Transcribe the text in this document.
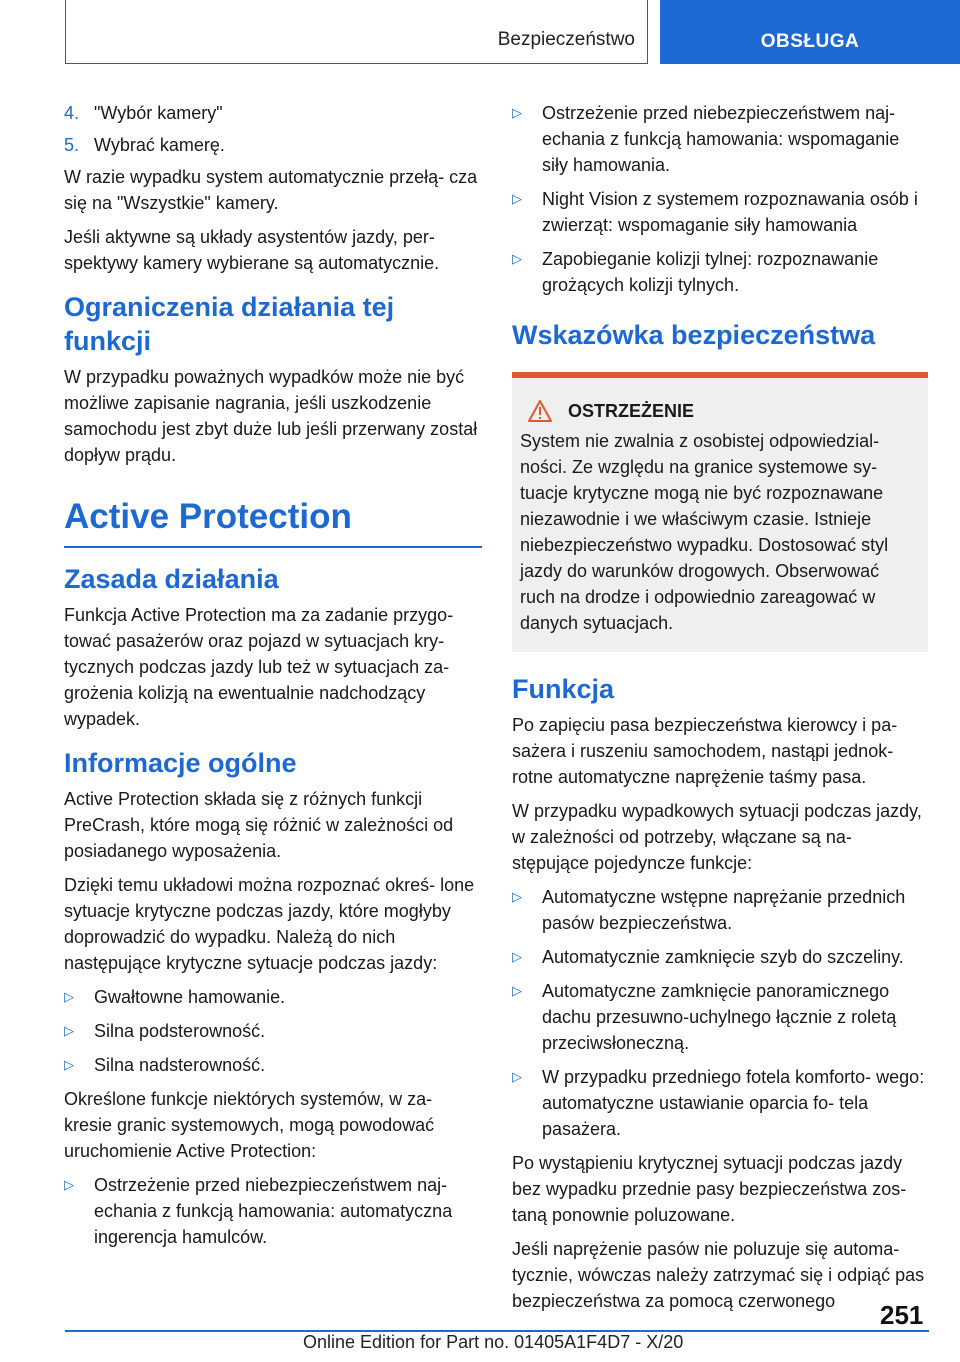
Bezpieczeństwo	OBSŁUGA
4. "Wybór kamery"
5. Wybrać kamerę.

W razie wypadku system automatycznie przełą‐ cza się na "Wszystkie" kamery.

Jeśli aktywne są układy asystentów jazdy, per‐ spektywy kamery wybierane są automatycznie.

Ograniczenia działania tej funkcji

W przypadku poważnych wypadków może nie być możliwe zapisanie nagrania, jeśli uszkodzenie samochodu jest zbyt duże lub jeśli przerwany został dopływ prądu.

Active Protection
Zasada działania

Funkcja Active Protection ma za zadanie przygo‐ tować pasażerów oraz pojazd w sytuacjach kry‐ tycznych podczas jazdy lub też w sytuacjach za‐ grożenia kolizją na ewentualnie nadchodzący wypadek.

Informacje ogólne

Active Protection składa się z różnych funkcji PreCrash, które mogą się różnić w zależności od posiadanego wyposażenia.

Dzięki temu układowi można rozpoznać okreś‐ lone sytuacje krytyczne podczas jazdy, które mogłyby doprowadzić do wypadku. Należą do nich następujące krytyczne sytuacje podczas jazdy:

▷
Gwałtowne hamowanie.
▷
Silna podsterowność.
▷
Silna nadsterowność.

Określone funkcje niektórych systemów, w za‐ kresie granic systemowych, mogą powodować uruchomienie Active Protection:

▷
Ostrzeżenie przed niebezpieczeństwem naj‐ echania z funkcją hamowania: automatyczna ingerencja hamulców.
▷
Ostrzeżenie przed niebezpieczeństwem naj‐ echania z funkcją hamowania: wspomaganie siły hamowania.
▷
Night Vision z systemem rozpoznawania osób i zwierząt: wspomaganie siły hamowania
▷
Zapobieganie kolizji tylnej: rozpoznawanie grożących kolizji tylnych.
Wskazówka bezpieczeństwa
OSTRZEŻENIE

System nie zwalnia z osobistej odpowiedzial‐ ności. Ze względu na granice systemowe sy‐ tuacje krytyczne mogą nie być rozpoznawane niezawodnie i we właściwym czasie. Istnieje niebezpieczeństwo wypadku. Dostosować styl jazdy do warunków drogowych. Obserwować ruch na drodze i odpowiednio zareagować w danych sytuacjach.

Funkcja

Po zapięciu pasa bezpieczeństwa kierowcy i pa‐ sażera i ruszeniu samochodem, nastąpi jednok‐ rotne automatyczne naprężenie taśmy pasa.

W przypadku wypadkowych sytuacji podczas jazdy, w zależności od potrzeby, włączane są na‐ stępujące pojedyncze funkcje:

▷
Automatyczne wstępne naprężanie przednich pasów bezpieczeństwa.
▷
Automatycznie zamknięcie szyb do szczeliny.
▷
Automatyczne zamknięcie panoramicznego dachu przesuwno-uchylnego łącznie z roletą przeciwsłoneczną.
▷
W przypadku przedniego fotela komforto‐ wego: automatyczne ustawianie oparcia fo‐ tela pasażera.

Po wystąpieniu krytycznej sytuacji podczas jazdy bez wypadku przednie pasy bezpieczeństwa zos‐ taną ponownie poluzowane.

Jeśli naprężenie pasów nie poluzuje się automa‐ tycznie, wówczas należy zatrzymać się i odpiąć pas bezpieczeństwa za pomocą czerwonego	251
Online Edition for Part no. 01405A1F4D7 - X/20
